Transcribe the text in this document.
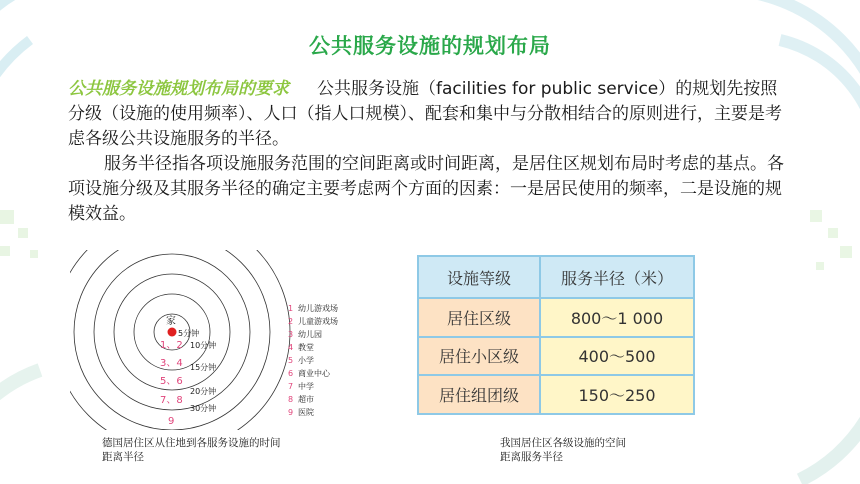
公共服务设施的规划布局

公共服务设施规划布局的要求 公共服务设施（facilities for public service）的规划先按照分级（设施的使用频率）、人口（指人口规模）、配套和集中与分散相结合的原则进行，主要是考虑各级公共设施服务的半径。

服务半径指各项设施服务范围的空间距离或时间距离，是居住区规划布局时考虑的基点。各项设施分级及其服务半径的确定主要考虑两个方面的因素：一是居民使用的频率，二是设施的规模效益。

家
5分钟
1、2 10分钟
3、4 15分钟
5、6
20分钟
7、8
30分钟
9
1 幼儿游戏场
2 儿童游戏场
3 幼儿园
4 教堂
5 小学
6 商业中心
7 中学
8 超市
9 医院
德国居住区从住地到各服务设施的时间距离半径
设施等级	服务半径（米）
居住区级	800～1 000
居住小区级	400～500
居住组团级	150～250
我国居住区各级设施的空间距离服务半径
